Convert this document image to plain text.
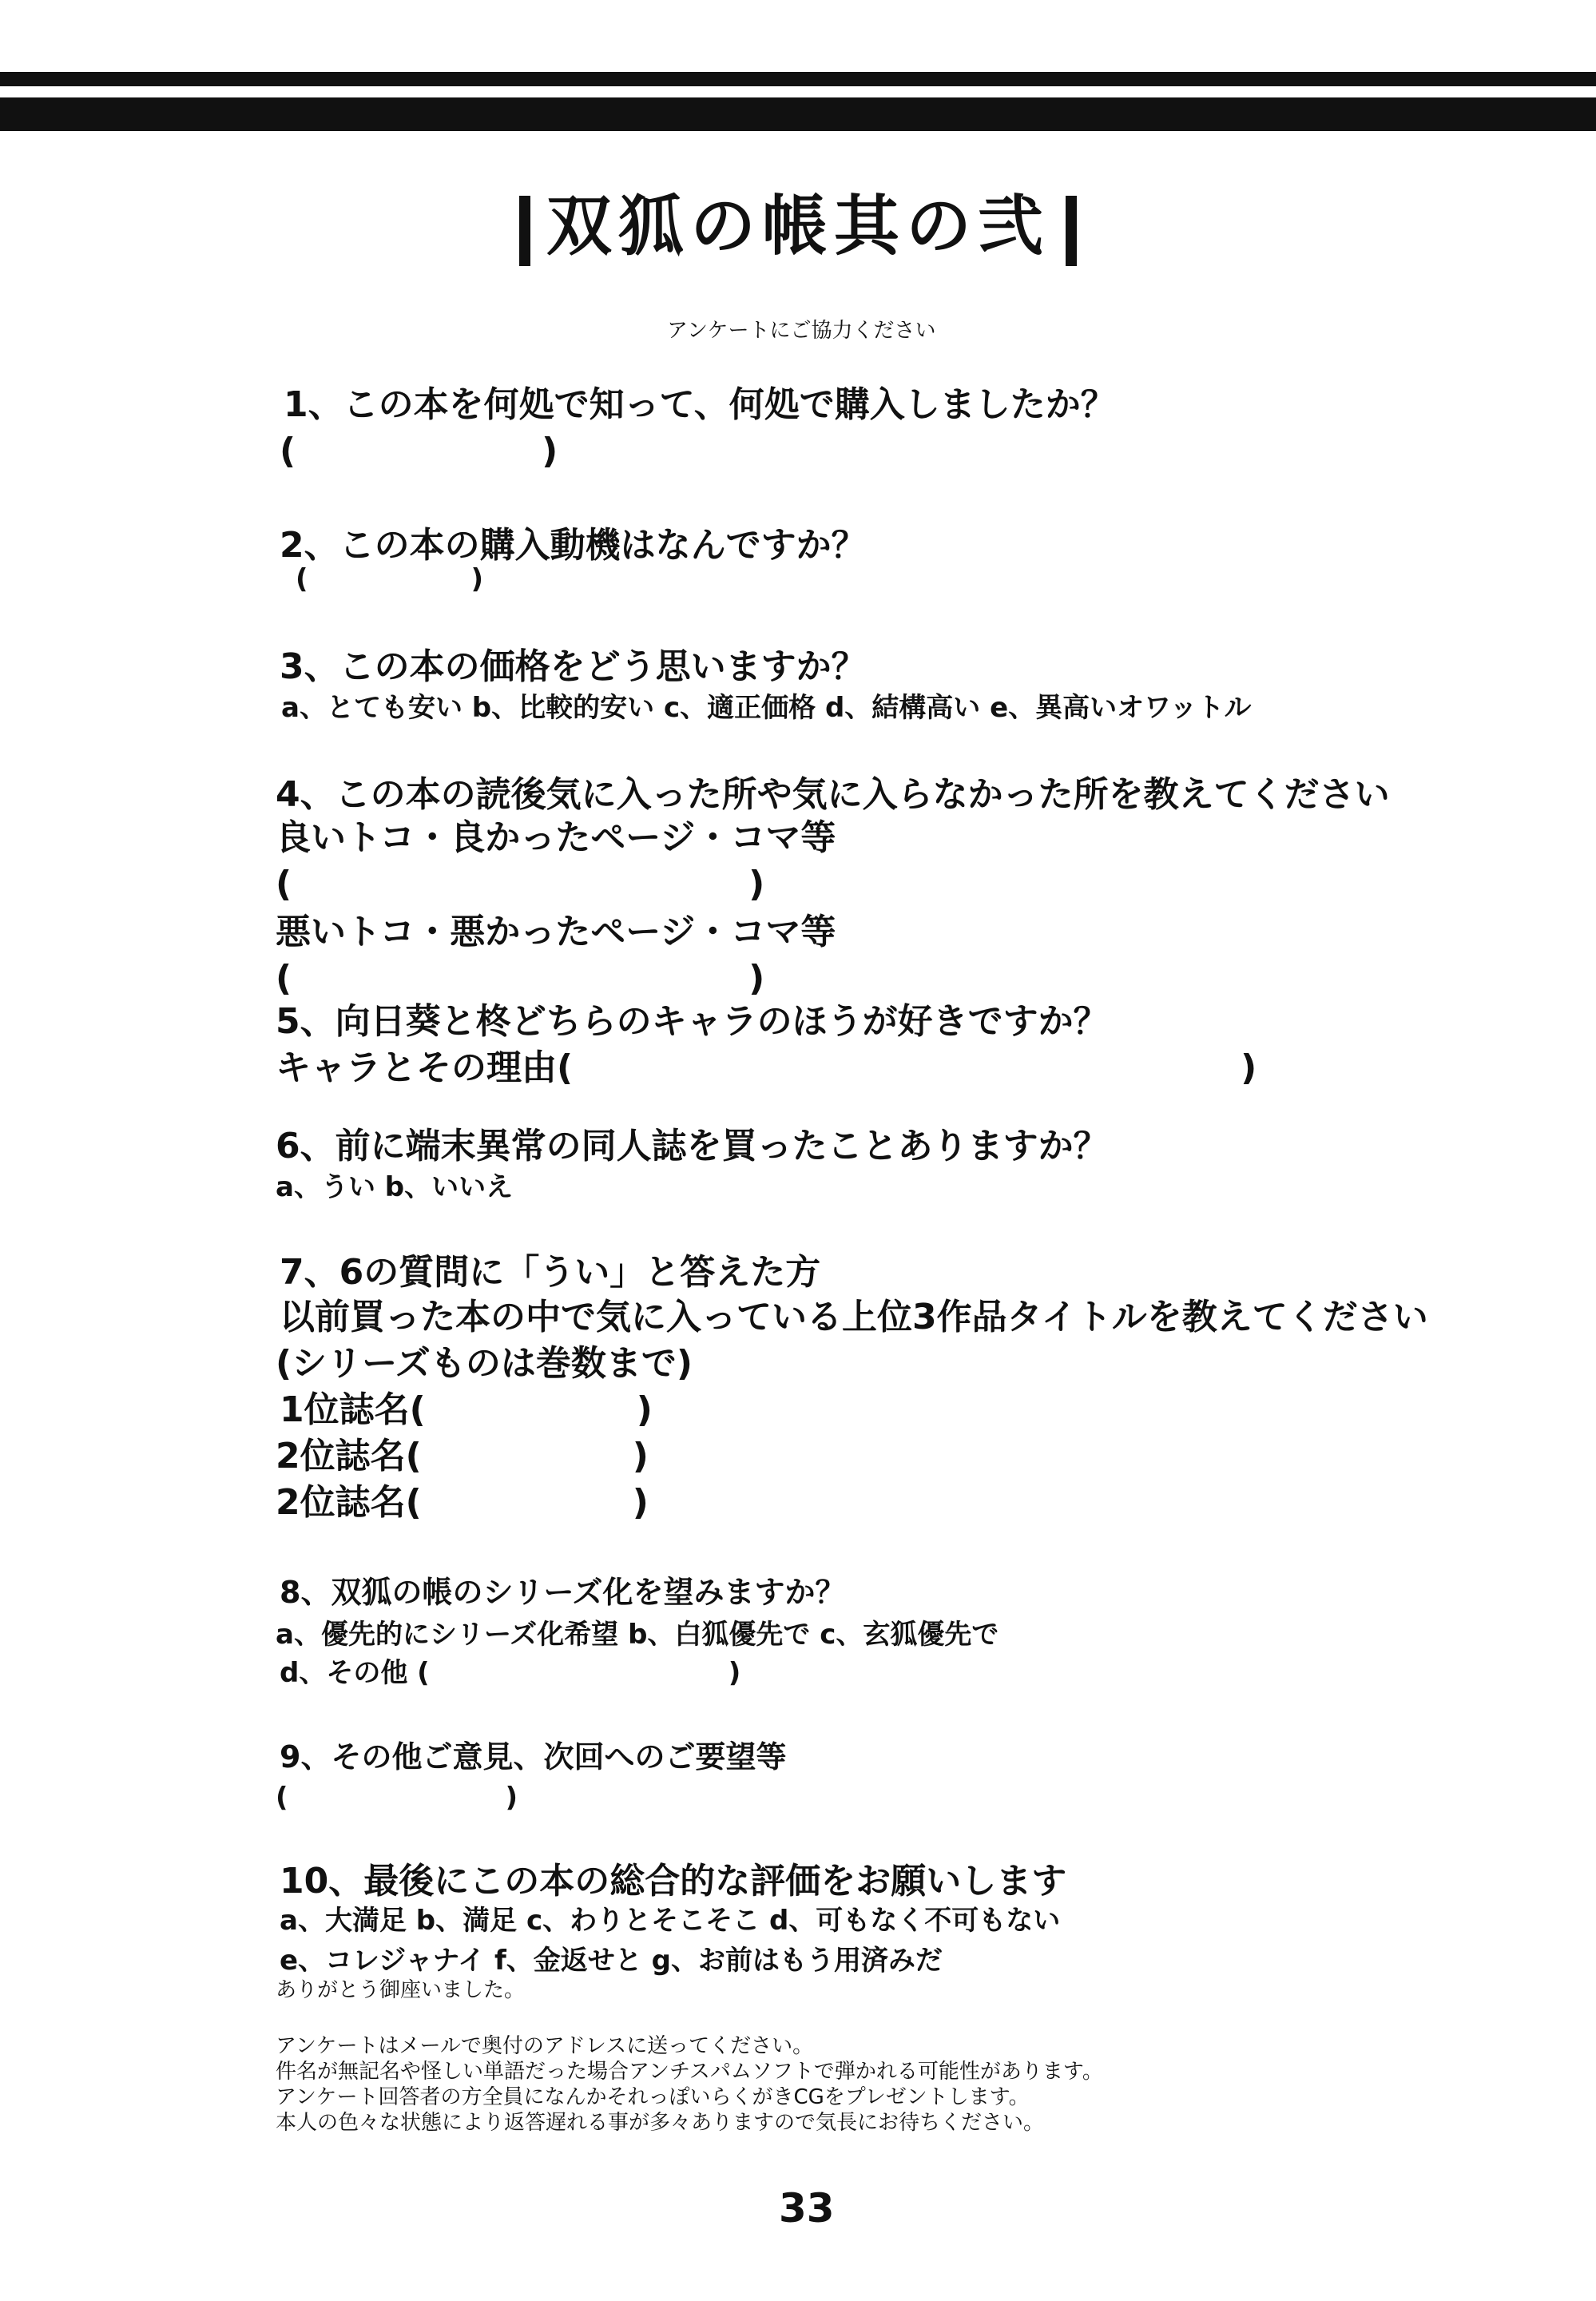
双狐の帳其の弐
アンケートにご協力ください
1、この本を何処で知って、何処で購入しましたか？
(　　　　　　　)
2、この本の購入動機はなんですか？
(　　　　　　)
3、この本の価格をどう思いますか？
a、とても安い b、比較的安い c、適正価格 d、結構高い e、異高いオワットル
4、この本の読後気に入った所や気に入らなかった所を教えてください
良いトコ・良かったページ・コマ等
(　　　　　　　　　　　　　)
悪いトコ・悪かったページ・コマ等
(　　　　　　　　　　　　　)
5、向日葵と柊どちらのキャラのほうが好きですか？
キャラとその理由(　　　　　　　　　　　　　　　　　　　)
6、前に端末異常の同人誌を買ったことありますか？
a、うい b、いいえ
7、6の質問に「うい」と答えた方
以前買った本の中で気に入っている上位3作品タイトルを教えてください
(シリーズものは巻数まで)
1位誌名(　　　　　　)
2位誌名(　　　　　　)
2位誌名(　　　　　　)
8、双狐の帳のシリーズ化を望みますか？
a、優先的にシリーズ化希望 b、白狐優先で c、玄狐優先で
d、その他 (　　　　　　　　　　　)
9、その他ご意見、次回へのご要望等
(　　　　　　　　)
10、最後にこの本の総合的な評価をお願いします
a、大満足 b、満足 c、わりとそこそこ d、可もなく不可もない
e、コレジャナイ f、金返せと g、お前はもう用済みだ
ありがとう御座いました。
アンケートはメールで奥付のアドレスに送ってください。
件名が無記名や怪しい単語だった場合アンチスパムソフトで弾かれる可能性があります。
アンケート回答者の方全員になんかそれっぽいらくがきCGをプレゼントします。
本人の色々な状態により返答遅れる事が多々ありますので気長にお待ちください。
33
